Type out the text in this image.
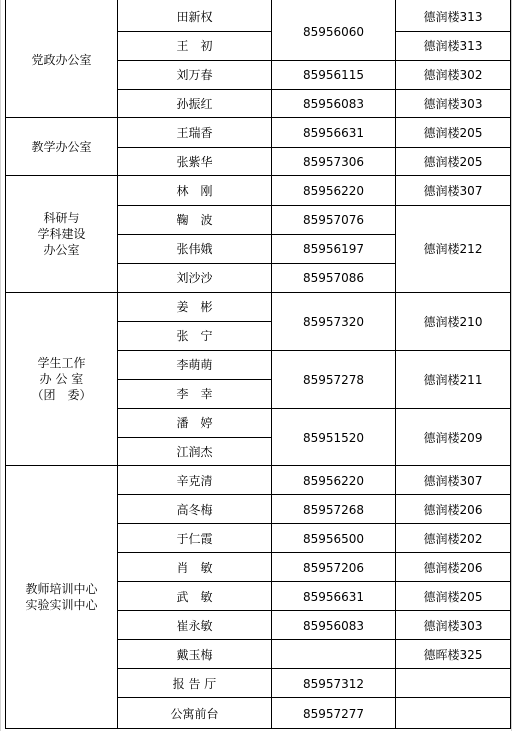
党政办公室
教学办公室
科研与
学科建设
办公室
学生工作
办 公 室
（团　委）
教师培训中心
实验实训中心
田新权
王　初
刘万春
孙振红
王瑞香
张紫华
林　刚
鞠　波
张伟娥
刘沙沙
姜　彬
张　宁
李萌萌
李　幸
潘　婷
江润杰
辛克清
高冬梅
于仁霞
肖　敏
武　敏
崔永敏
戴玉梅
报 告 厅
公寓前台
85956060
85956115
85956083
85956631
85957306
85956220
85957076
85956197
85957086
85957320
85957278
85951520
85956220
85957268
85956500
85957206
85956631
85956083
85957312
85957277
德润楼313
德润楼313
德润楼302
德润楼303
德润楼205
德润楼205
德润楼307
德润楼212
德润楼210
德润楼211
德润楼209
德润楼307
德润楼206
德润楼202
德润楼206
德润楼205
德润楼303
德晖楼325
